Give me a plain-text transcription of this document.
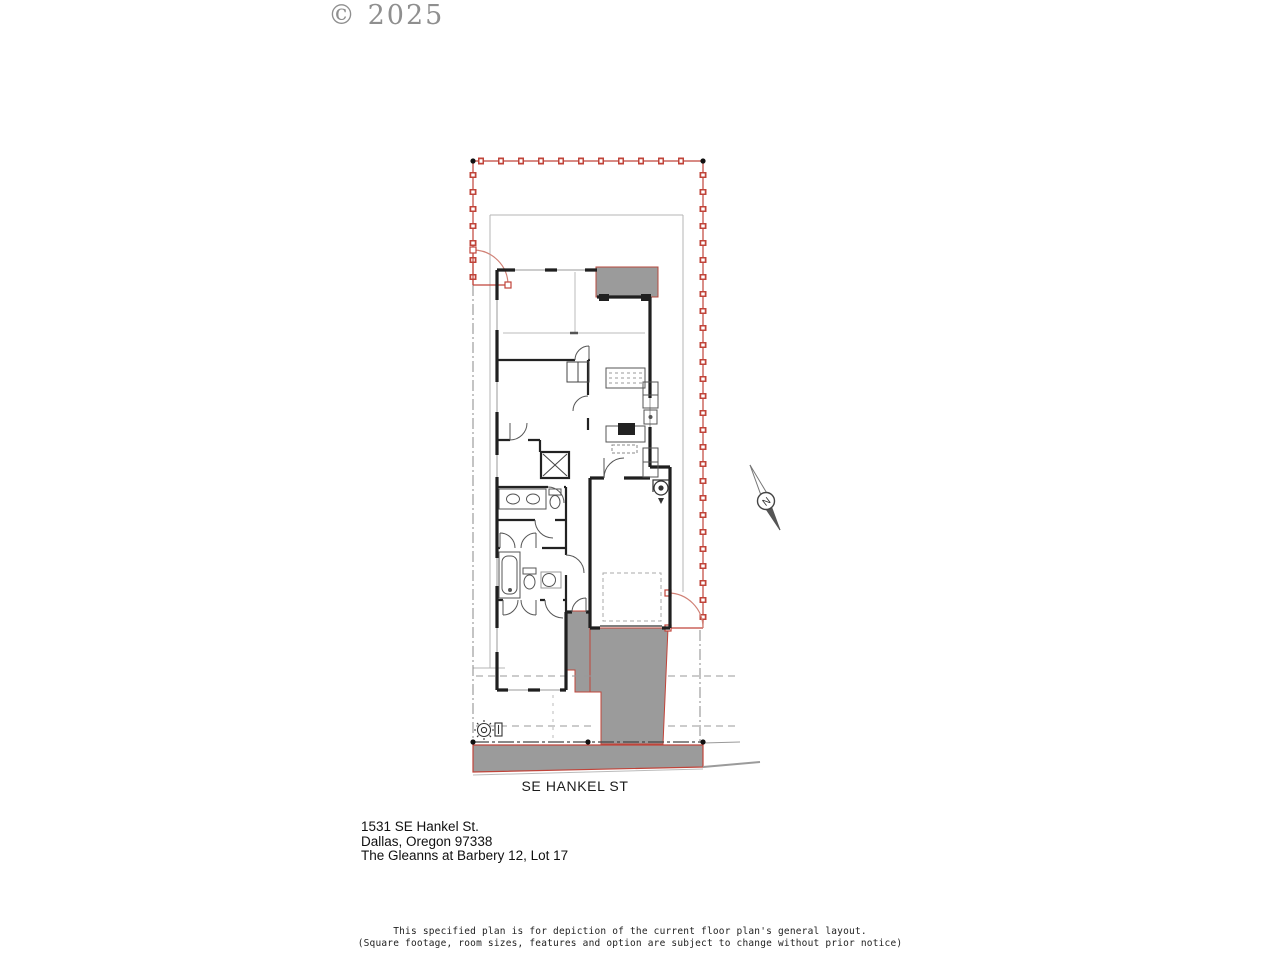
N
© 2025
SE HANKEL ST
1531 SE Hankel St.
Dallas, Oregon 97338
The Gleanns at Barbery 12, Lot 17
This specified plan is for depiction of the current floor plan's general layout.
(Square footage, room sizes, features and option are subject to change without prior notice)
